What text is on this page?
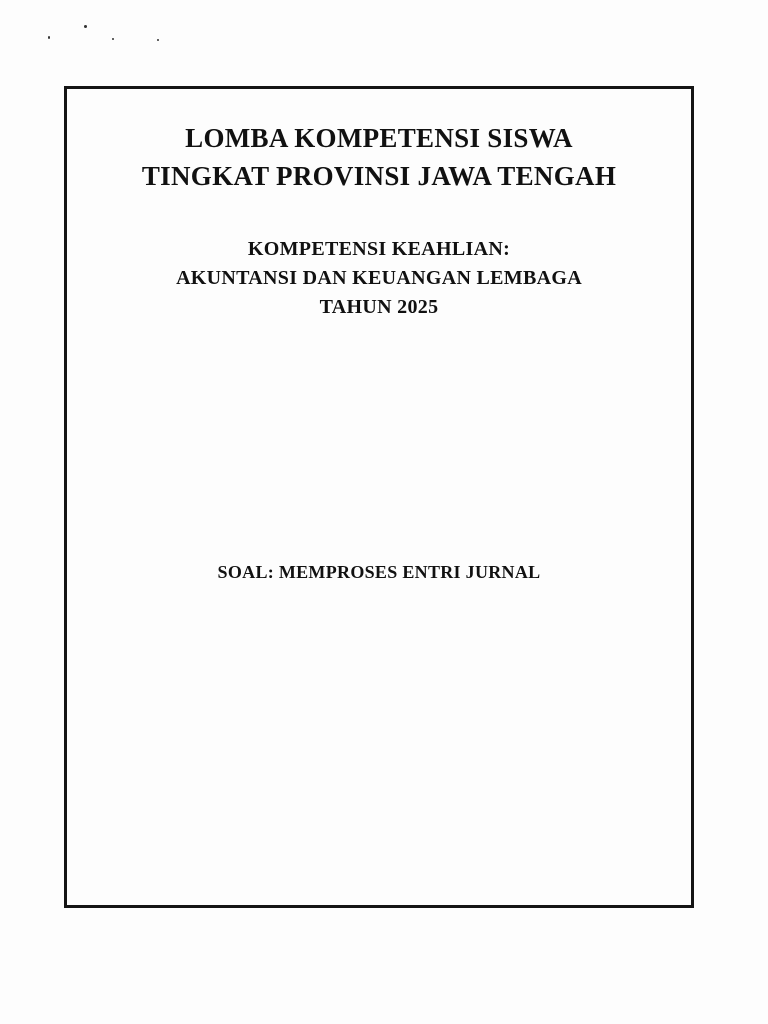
LOMBA KOMPETENSI SISWA
TINGKAT PROVINSI JAWA TENGAH
KOMPETENSI KEAHLIAN:
AKUNTANSI DAN KEUANGAN LEMBAGA
TAHUN 2025
SOAL: MEMPROSES ENTRI JURNAL
